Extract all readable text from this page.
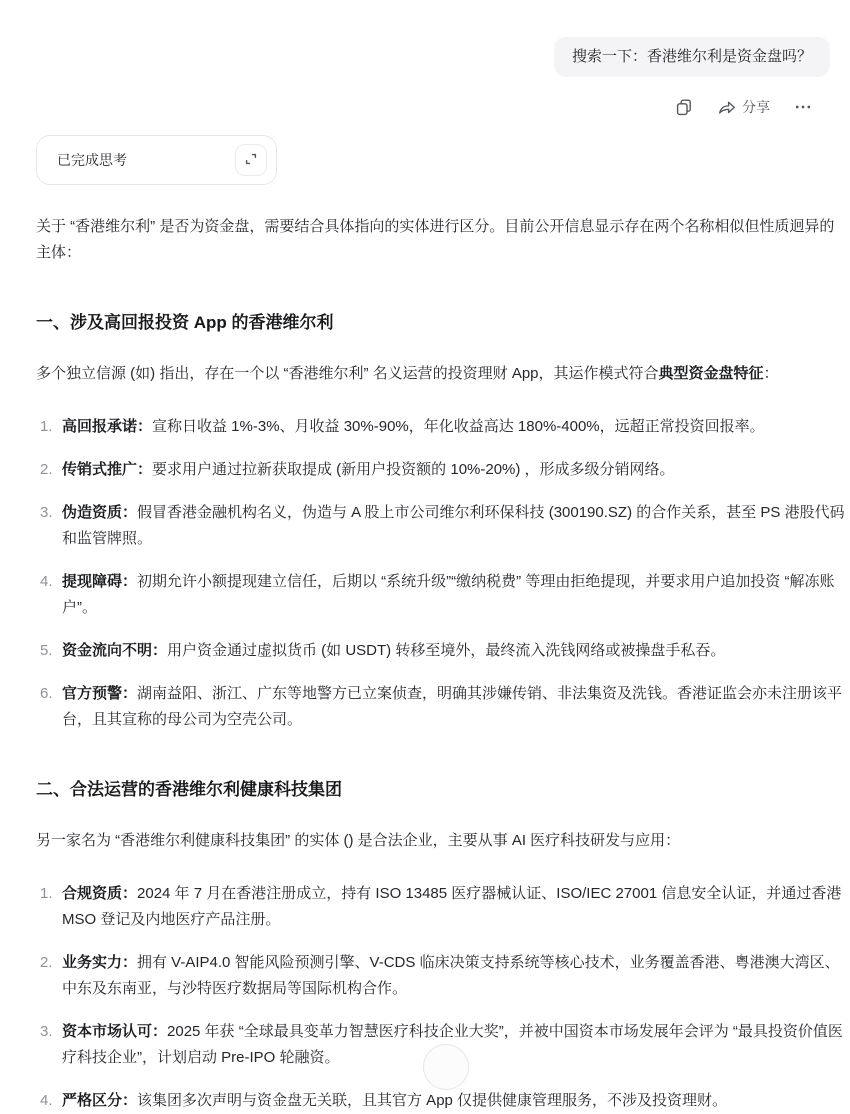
搜索一下：香港维尔利是资金盘吗？
分享
已完成思考

关于 “香港维尔利” 是否为资金盘，需要结合具体指向的实体进行区分。目前公开信息显示存在两个名称相似但性质迥异的主体：

一、涉及高回报投资 App 的香港维尔利

多个独立信源 (如) 指出，存在一个以 “香港维尔利” 名义运营的投资理财 App，其运作模式符合典型资金盘特征：

1. 高回报承诺：宣称日收益 1%-3%、月收益 30%-90%，年化收益高达 180%-400%，远超正常投资回报率。
2. 传销式推广：要求用户通过拉新获取提成 (新用户投资额的 10%-20%) ，形成多级分销网络。
3. 伪造资质：假冒香港金融机构名义，伪造与 A 股上市公司维尔利环保科技 (300190.SZ) 的合作关系，甚至 PS 港股代码和监管牌照。
4. 提现障碍：初期允许小额提现建立信任，后期以 “系统升级”“缴纳税费” 等理由拒绝提现，并要求用户追加投资 “解冻账户”。
5. 资金流向不明：用户资金通过虚拟货币 (如 USDT) 转移至境外，最终流入洗钱网络或被操盘手私吞。
6. 官方预警：湖南益阳、浙江、广东等地警方已立案侦查，明确其涉嫌传销、非法集资及洗钱。香港证监会亦未注册该平台，且其宣称的母公司为空壳公司。
二、合法运营的香港维尔利健康科技集团

另一家名为 “香港维尔利健康科技集团” 的实体 () 是合法企业，主要从事 AI 医疗科技研发与应用：

1. 合规资质：2024 年 7 月在香港注册成立，持有 ISO 13485 医疗器械认证、ISO/IEC 27001 信息安全认证，并通过香港 MSO 登记及内地医疗产品注册。
2. 业务实力：拥有 V-AIP4.0 智能风险预测引擎、V-CDS 临床决策支持系统等核心技术，业务覆盖香港、粤港澳大湾区、中东及东南亚，与沙特医疗数据局等国际机构合作。
3. 资本市场认可：2025 年获 “全球最具变革力智慧医疗科技企业大奖”，并被中国资本市场发展年会评为 “最具投资价值医疗科技企业”，计划启动 Pre-IPO 轮融资。
4. 严格区分：该集团多次声明与资金盘无关联，且其官方 App 仅提供健康管理服务，不涉及投资理财。
